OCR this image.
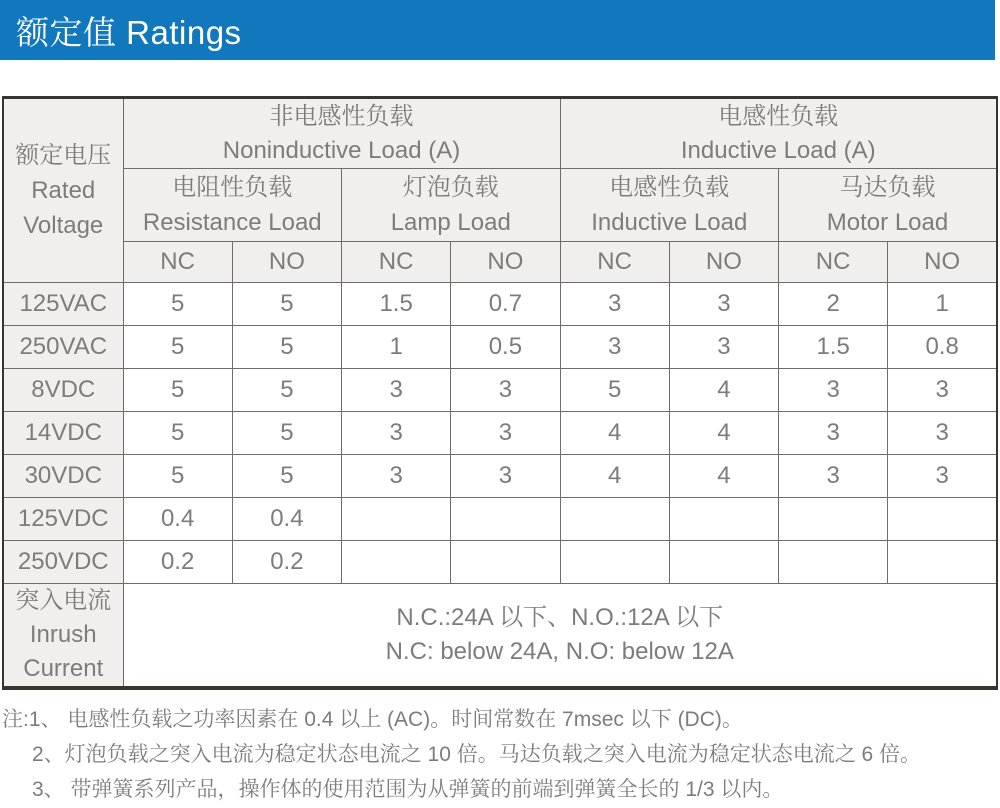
额定值 Ratings
额定电压
Rated
Voltage	非电感性负载
Noninductive Load (A)				电感性负载
Inductive Load (A)			

	电阻性负载
Resistance Load		灯泡负载
Lamp Load		电感性负载
Inductive Load		马达负载
Motor Load	

	NC	NO	NC	NO	NC	NO	NC	NO
125VAC	5	5	1.5	0.7	3	3	2	1
250VAC	5	5	1	0.5	3	3	1.5	0.8
8VDC	5	5	3	3	5	4	3	3
14VDC	5	5	3	3	4	4	3	3
30VDC	5	5	3	3	4	4	3	3
125VDC	0.4	0.4						
250VDC	0.2	0.2						

突入电流
Inrush
Current	N.C.:24A 以下、N.O.:12A 以下
N.C: below 24A, N.O: below 12A							
注:1、 电感性负载之功率因素在 0.4 以上 (AC)。时间常数在 7msec 以下 (DC)。
2、灯泡负载之突入电流为稳定状态电流之 10 倍。马达负载之突入电流为稳定状态电流之 6 倍。
3、 带弹簧系列产品，操作体的使用范围为从弹簧的前端到弹簧全长的 1/3 以内。
